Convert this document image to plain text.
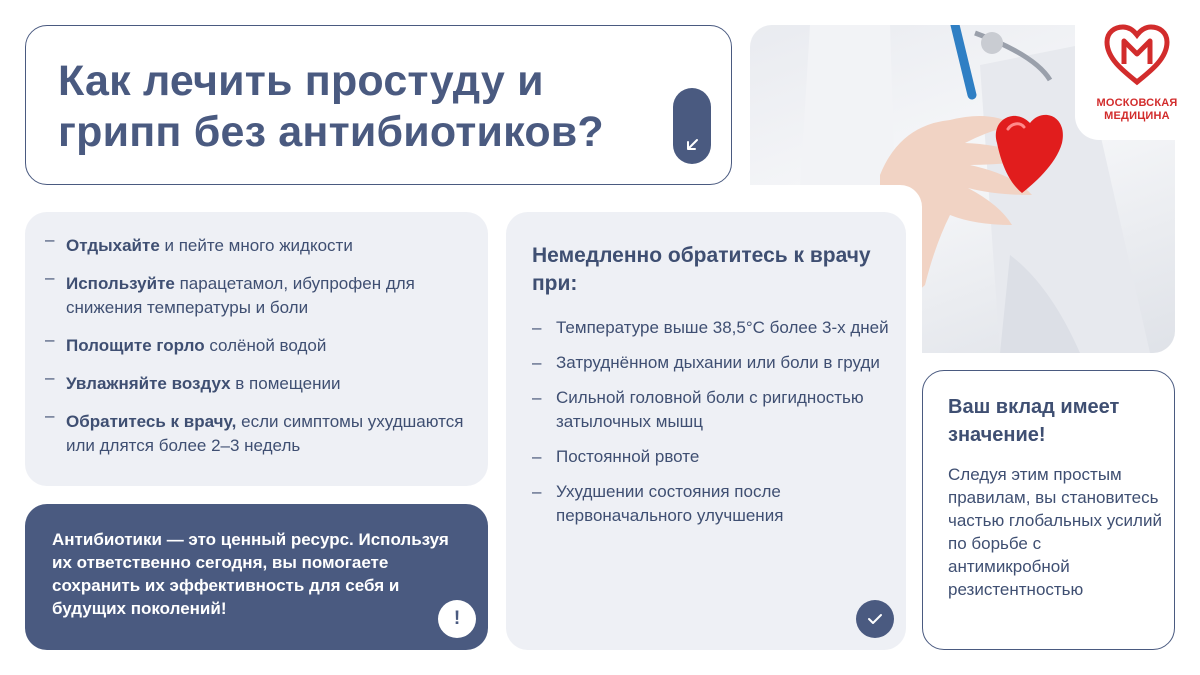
Как лечить простуду и
грипп без антибиотиков?
МОСКОВСКАЯ
МЕДИЦИНА
– Отдыхайте и пейте много жидкости
– Используйте парацетамол, ибупрофен для снижения температуры и боли
– Полощите горло солёной водой
– Увлажняйте воздух в помещении
– Обратитесь к врачу, если симптомы ухудшаются или длятся более 2–3 недель

Антибиотики — это ценный ресурс. Используя их ответственно сегодня, вы помогаете сохранить их эффективность для себя и будущих поколений!	!
Немедленно обратитесь к врачу при:
– Температуре выше 38,5°С более 3-х дней
– Затруднённом дыхании или боли в груди
– Сильной головной боли с ригидностью затылочных мышц
– Постоянной рвоте
– Ухудшении состояния после первоначального улучшения
Ваш вклад имеет значение!

Следуя этим простым правилам, вы становитесь частью глобальных усилий по борьбе с антимикробной резистентностью
